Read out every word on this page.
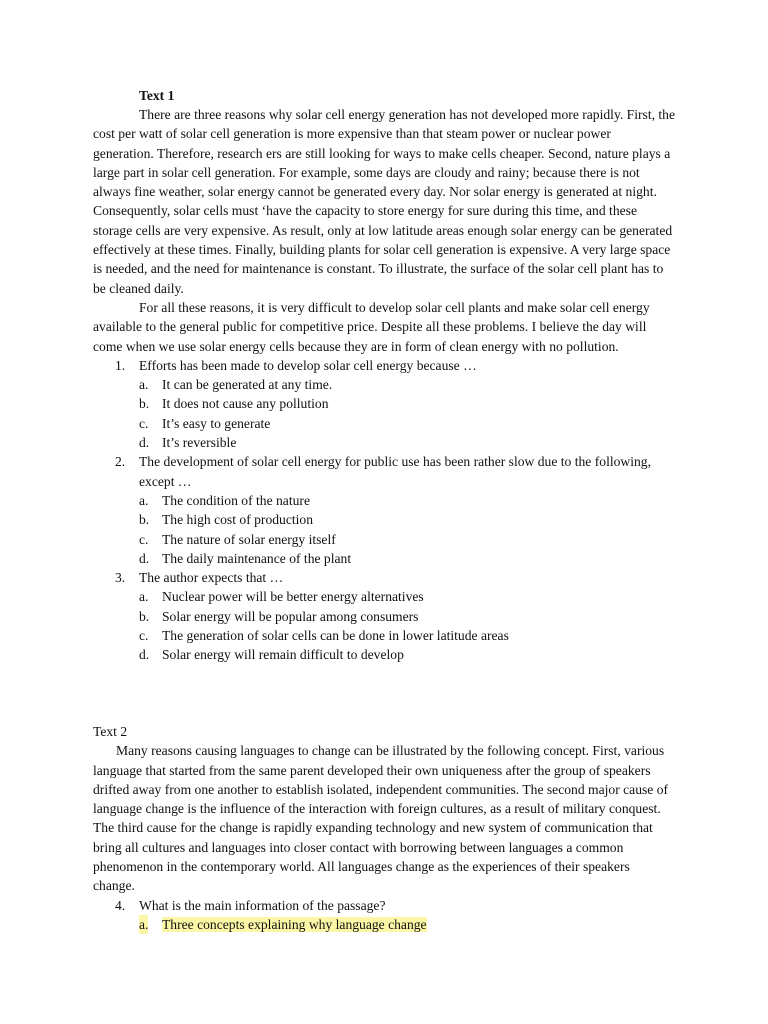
Text 1

There are three reasons why solar cell energy generation has not developed more rapidly. First, the cost per watt of solar cell generation is more expensive than that steam power or nuclear power generation. Therefore, research ers are still looking for ways to make cells cheaper. Second, nature plays a large part in solar cell generation. For example, some days are cloudy and rainy; because there is not always fine weather, solar energy cannot be generated every day. Nor solar energy is generated at night. Consequently, solar cells must ‘have the capacity to store energy for sure during this time, and these storage cells are very expensive. As result, only at low latitude areas enough solar energy can be generated effectively at these times. Finally, building plants for solar cell generation is expensive. A very large space is needed, and the need for maintenance is constant. To illustrate, the surface of the solar cell plant has to be cleaned daily.

For all these reasons, it is very difficult to develop solar cell plants and make solar cell energy available to the general public for competitive price. Despite all these problems. I believe the day will come when we use solar energy cells because they are in form of clean energy with no pollution.

1. Efforts has been made to develop solar cell energy because …
a. It can be generated at any time.
b. It does not cause any pollution
c. It’s easy to generate
d. It’s reversible
2. The development of solar cell energy for public use has been rather slow due to the following, except …
a. The condition of the nature
b. The high cost of production
c. The nature of solar energy itself
d. The daily maintenance of the plant
3. The author expects that …
a. Nuclear power will be better energy alternatives
b. Solar energy will be popular among consumers
c. The generation of solar cells can be done in lower latitude areas
d. Solar energy will remain difficult to develop
Text 2

Many reasons causing languages to change can be illustrated by the following concept. First, various language that started from the same parent developed their own uniqueness after the group of speakers drifted away from one another to establish isolated, independent communities. The second major cause of language change is the influence of the interaction with foreign cultures, as a result of military conquest. The third cause for the change is rapidly expanding technology and new system of communication that bring all cultures and languages into closer contact with borrowing between languages a common phenomenon in the contemporary world. All languages change as the experiences of their speakers change.

4. What is the main information of the passage?
a. Three concepts explaining why language change
